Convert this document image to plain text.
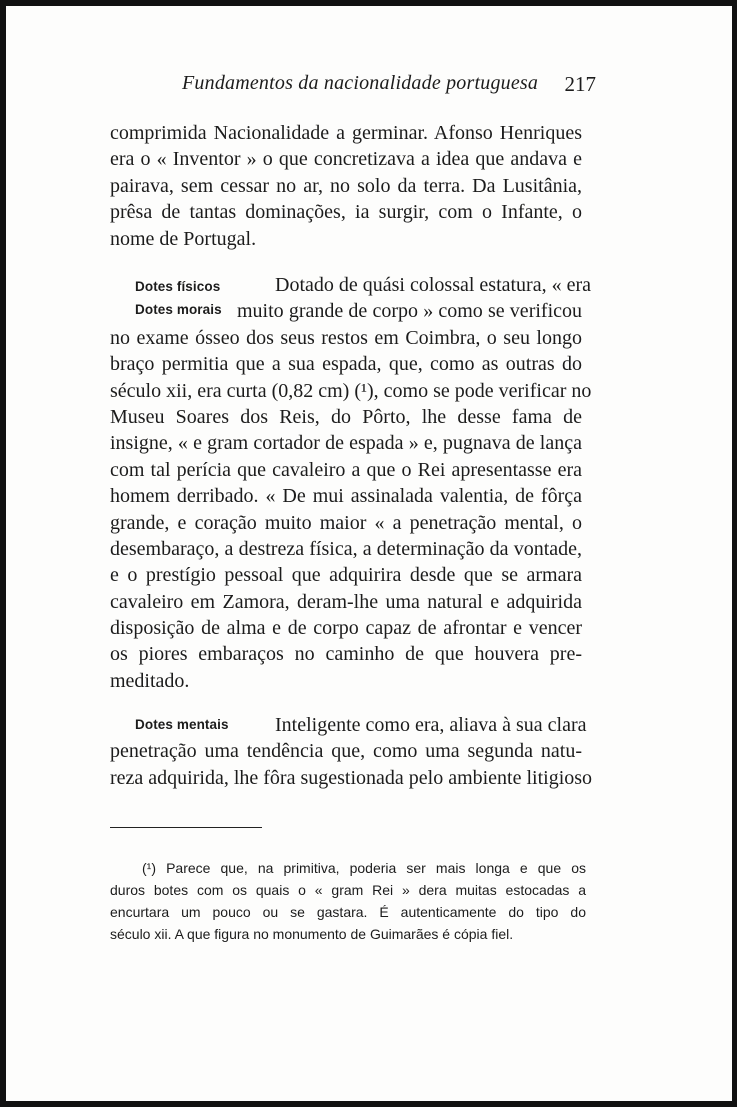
Fundamentos da nacionalidade portuguesa 217
comprimida Nacionalidade a germinar. Afonso Henriques
era o « Inventor » o que concretizava a idea que andava e
pairava, sem cessar no ar, no solo da terra. Da Lusitânia,
prêsa de tantas dominações, ia surgir, com o Infante, o
nome de Portugal.
Dotes físicos
Dotes morais
Dotado de quási colossal estatura, « era
muito grande de corpo » como se verificou
no exame ósseo dos seus restos em Coimbra, o seu longo
braço permitia que a sua espada, que, como as outras do
século xii, era curta (0,82 cm) (¹), como se pode verificar no
Museu Soares dos Reis, do Pôrto, lhe desse fama de
insigne, « e gram cortador de espada » e, pugnava de lança
com tal perícia que cavaleiro a que o Rei apresentasse era
homem derribado. « De mui assinalada valentia, de fôrça
grande, e coração muito maior « a penetração mental, o
desembaraço, a destreza física, a determinação da vontade,
e o prestígio pessoal que adquirira desde que se armara
cavaleiro em Zamora, deram-lhe uma natural e adquirida
disposição de alma e de corpo capaz de afrontar e vencer
os piores embaraços no caminho de que houvera pre-
meditado.
Dotes mentais Inteligente como era, aliava à sua clara
penetração uma tendência que, como uma segunda natu-
reza adquirida, lhe fôra sugestionada pelo ambiente litigioso
(¹) Parece que, na primitiva, poderia ser mais longa e que os
duros botes com os quais o « gram Rei » dera muitas estocadas a
encurtara um pouco ou se gastara. É autenticamente do tipo do
século xii. A que figura no monumento de Guimarães é cópia fiel.
